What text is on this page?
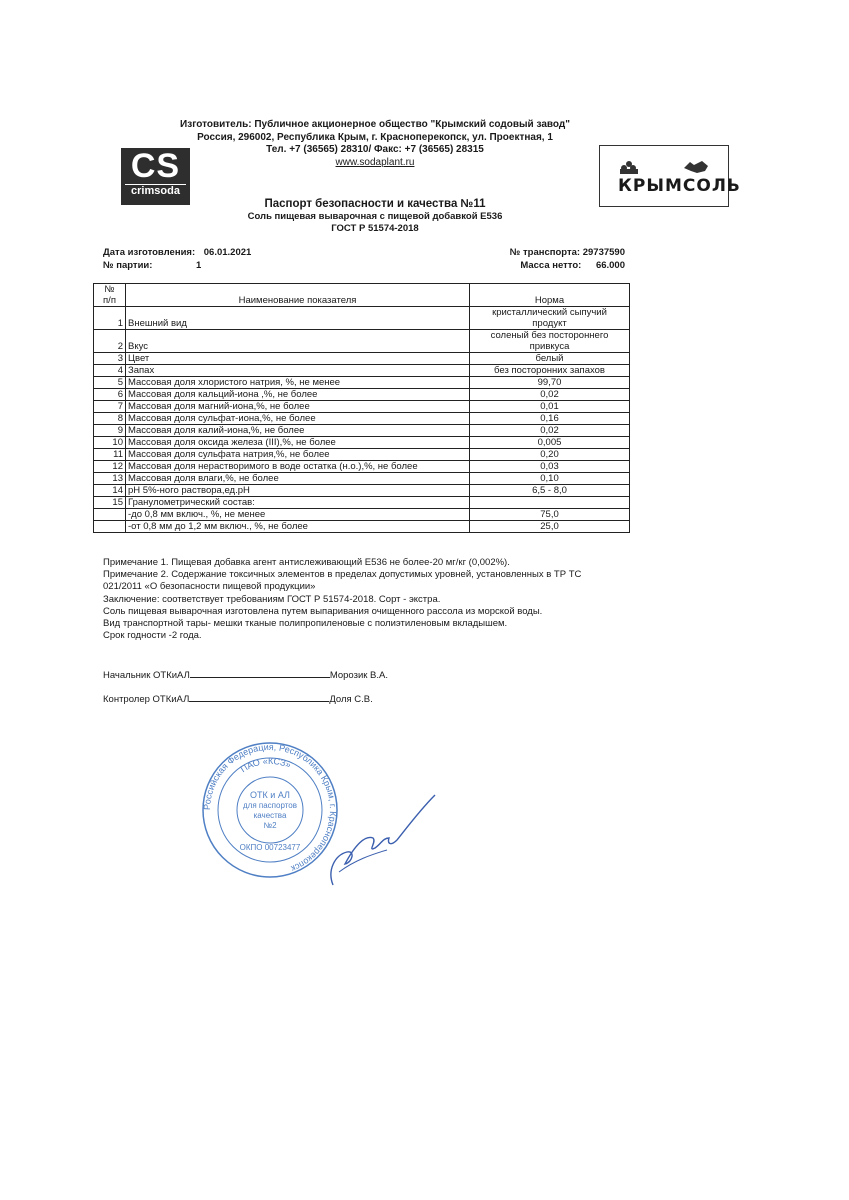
Изготовитель: Публичное акционерное общество "Крымский содовый завод"
Россия, 296002, Республика Крым, г. Красноперекопск, ул. Проектная, 1
Тел. +7 (36565) 28310/ Факс: +7 (36565) 28315
www.sodaplant.ru
CS
crimsoda	КРЫМСОЛЬ
Паспорт безопасности и качества №11
Соль пищевая выварочная с пищевой добавкой Е536
ГОСТ Р 51574-2018
Дата изготовления: 06.01.2021
№ партии:	1
№ транспорта: 29737590
Масса нетто: 66.000
№
п/п	Наименование показателя	Норма
1	Внешний вид	кристаллический сыпучий
продукт

2	Вкус	соленый без постороннего
привкуса

3	Цвет	белый
4	Запах	без посторонних запахов
5	Массовая доля хлористого натрия, %, не менее	99,70
6	Массовая доля кальций-иона ,%, не более	0,02
7	Массовая доля магний-иона,%, не более	0,01
8	Массовая доля сульфат-иона,%, не более	0,16
9	Массовая доля калий-иона,%, не более	0,02
10	Массовая доля оксида железа (III),%, не более	0,005
11	Массовая доля сульфата натрия,%, не более	0,20
12	Массовая доля нерастворимого в воде остатка (н.о.),%, не более	0,03
13	Массовая доля влаги,%, не более	0,10
14	pH 5%-ного раствора,ед.pH	6,5 - 8,0
15	Гранулометрический состав:	
	-до 0,8 мм включ., %, не менее	75,0
	-от 0,8 мм до 1,2 мм включ., %, не более	25,0
Примечание 1. Пищевая добавка агент антислеживающий Е536 не более-20 мг/кг (0,002%).
Примечание 2. Содержание токсичных элементов в пределах допустимых уровней, установленных в ТР ТС
021/2011 «О безопасности пищевой продукции»
Заключение: соответствует требованиям ГОСТ Р 51574-2018. Сорт - экстра.
Соль пищевая выварочная изготовлена путем выпаривания очищенного рассола из морской воды.
Вид транспортной тары- мешки тканые полипропиленовые с полиэтиленовым вкладышем.
Срок годности -2 года.
Начальник ОТКиАЛ	Морозик В.А.
Контролер ОТКиАЛ	Доля С.В.
Российская Федерация, Республика Крым, г. Красноперекопск
ПАО «КСЗ»
ОТК и АЛ
для паспортов
качества
№2
ОКПО 00723477
